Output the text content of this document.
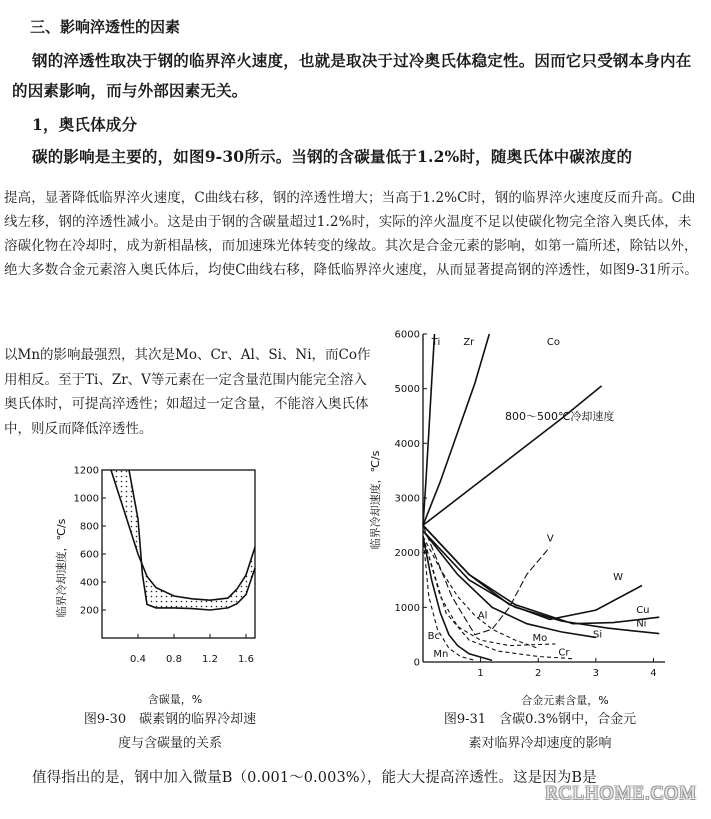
三、影响淬透性的因素
钢的淬透性取决于钢的临界淬火速度，也就是取决于过冷奥氏体稳定性。因而它只受钢本身内在的因素影响，而与外部因素无关。
1，奥氏体成分
碳的影响是主要的，如图9-30所示。当钢的含碳量低于1.2%时，随奥氏体中碳浓度的
提高，显著降低临界淬火速度，C曲线右移，钢的淬透性增大；当高于1.2%C时，钢的临界淬火速度反而升高。C曲线左移，钢的淬透性减小。这是由于钢的含碳量超过1.2%时，实际的淬火温度不足以使碳化物完全溶入奥氏体，未溶碳化物在冷却时，成为新相晶核，而加速珠光体转变的缘故。其次是合金元素的影响，如第一篇所述，除钴以外，绝大多数合金元素溶入奥氏体后，均使C曲线右移，降低临界淬火速度，从而显著提高钢的淬透性，如图9-31所示。
以Mn的影响最强烈，其次是Mo、Cr、Al、Si、Ni，而Co作用相反。至于Ti、Zr、V等元素在一定含量范围内能完全溶入奥氏体时，可提高淬透性；如超过一定含量，不能溶入奥氏体中，则反而降低淬透性。
200
400
600
800
1000
1200
0.4 0.8 1.2 1.6
含碳量，%
临界冷却速度，℃/s
图9-30　碳素钢的临界冷却速
度与含碳量的关系
0
1000
2000
3000
4000
5000
6000
1	2	3	4
Ti Zr	Co
V
W
Cu
Ni
Si
Al
Mo
Cr
Bc
Mn
合金元素含量，%
临界冷却速度，℃/s
800～500℃冷却速度
图9-31　含碳0.3%钢中，合金元
素对临界冷却速度的影响
值得指出的是，钢中加入微量B（0.001～0.003%），能大大提高淬透性。这是因为B是
RCLHOME.COM
